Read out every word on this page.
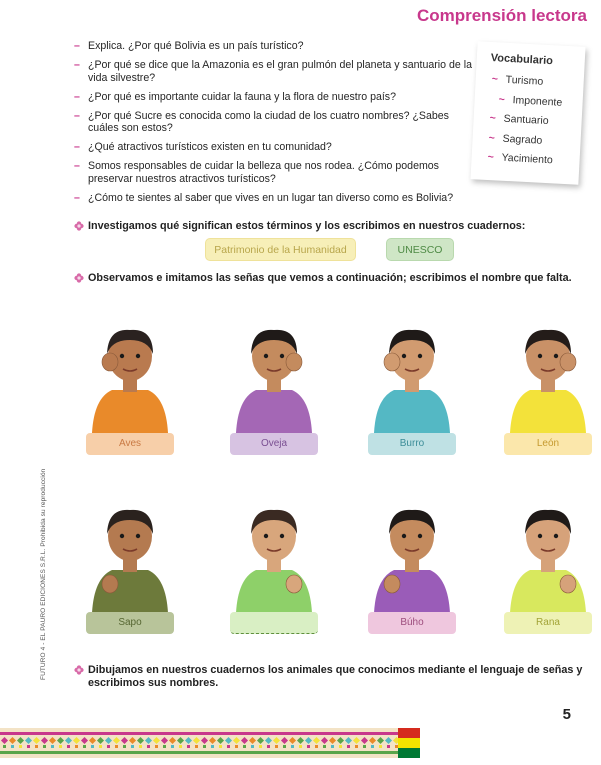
Comprensión lectora
– Explica. ¿Por qué Bolivia es un país turístico?
– ¿Por qué se dice que la Amazonia es el gran pulmón del planeta y santuario de la vida silvestre?
– ¿Por qué es importante cuidar la fauna y la flora de nuestro país?
– ¿Por qué Sucre es conocida como la ciudad de los cuatro nombres? ¿Sabes cuáles son estos?
– ¿Qué atractivos turísticos existen en tu comunidad?
– Somos responsables de cuidar la belleza que nos rodea. ¿Cómo podemos preservar nuestros atractivos turísticos?
– ¿Cómo te sientes al saber que vives en un lugar tan diverso como es Bolivia?
Vocabulario
~ Turismo
~ Imponente
~ Santuario
~ Sagrado
~ Yacimiento
Investigamos qué significan estos términos y los escribimos en nuestros cuadernos:
Patrimonio de la Humanidad	UNESCO
Observamos e imitamos las señas que vemos a continuación; escribimos el nombre que falta.
Aves	Oveja	Burro	León
Sapo	Búho	Rana
Dibujamos en nuestros cuadernos los animales que conocimos mediante el lenguaje de señas y escribimos sus nombres.
FUTURO 4 - EL PAURO EDICIONES S.R.L. Prohibida su reproducción
5
